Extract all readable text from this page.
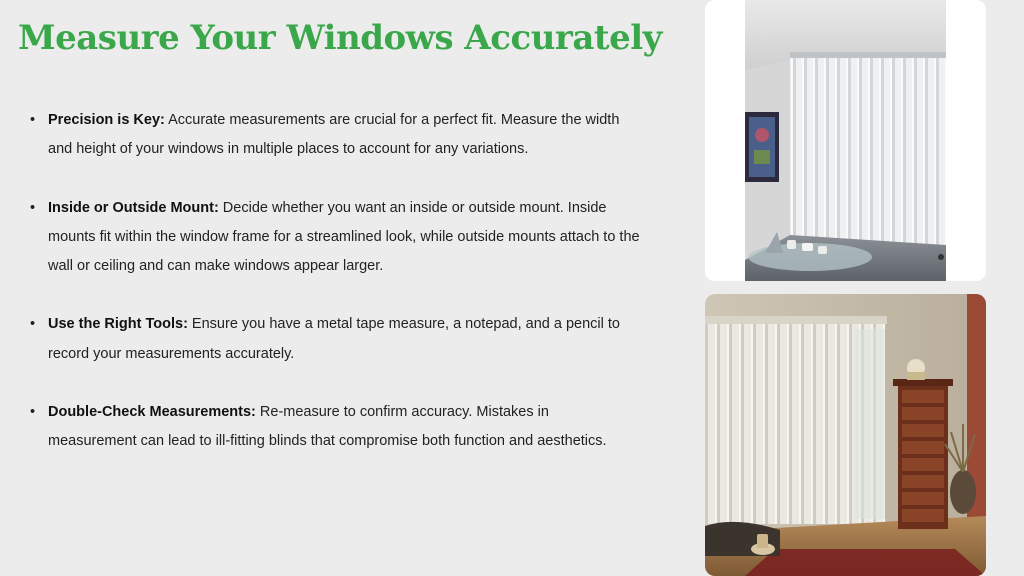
Measure Your Windows Accurately
• Precision is Key: Accurate measurements are crucial for a perfect fit. Measure the width and height of your windows in multiple places to account for any variations.
• Inside or Outside Mount: Decide whether you want an inside or outside mount. Inside mounts fit within the window frame for a streamlined look, while outside mounts attach to the wall or ceiling and can make windows appear larger.
• Use the Right Tools: Ensure you have a metal tape measure, a notepad, and a pencil to record your measurements accurately.
• Double-Check Measurements: Re-measure to confirm accuracy. Mistakes in measurement can lead to ill-fitting blinds that compromise both function and aesthetics.
